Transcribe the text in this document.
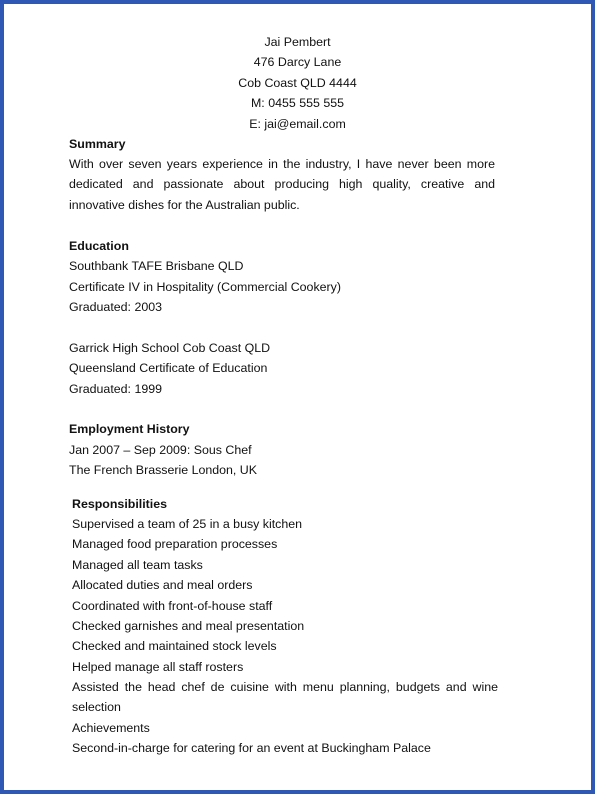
Jai Pembert
476 Darcy Lane
Cob Coast QLD 4444
M: 0455 555 555
E: jai@email.com
Summary
With over seven years experience in the industry, I have never been more dedicated and passionate about producing high quality, creative and innovative dishes for the Australian public.
Education
Southbank TAFE Brisbane QLD
Certificate IV in Hospitality (Commercial Cookery)
Graduated: 2003
Garrick High School Cob Coast QLD
Queensland Certificate of Education
Graduated: 1999
Employment History
Jan 2007 – Sep 2009: Sous Chef
The French Brasserie London, UK
Responsibilities
Supervised a team of 25 in a busy kitchen
Managed food preparation processes
Managed all team tasks
Allocated duties and meal orders
Coordinated with front-of-house staff
Checked garnishes and meal presentation
Checked and maintained stock levels
Helped manage all staff rosters
Assisted the head chef de cuisine with menu planning, budgets and wine selection
Achievements
Second-in-charge for catering for an event at Buckingham Palace
